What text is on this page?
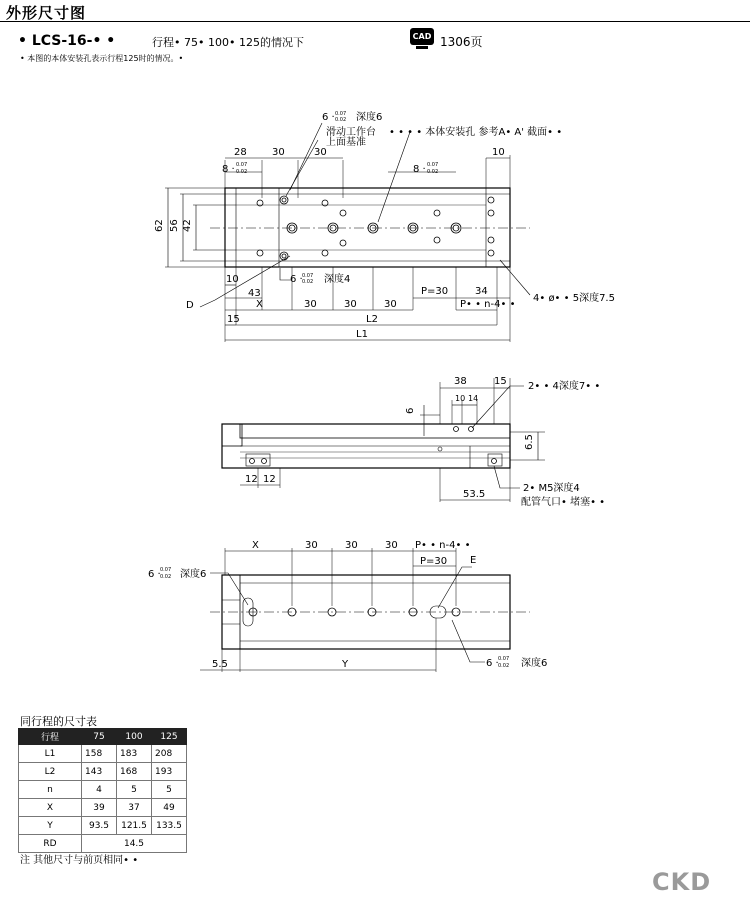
外形尺寸图
• LCS-16-• •	行程• 75• 100• 125的情况下	CAD 1306页
• 本图的本体安装孔表示行程125时的情况。•
28	30	30	10
8 · 0.07
0.02	8 · 0.07
0.02
6 · 0.07
0.02 深度6
滑动工作台
上面基准
• • • • 本体安装孔 参考A• A' 截面• •
62 56 42
10
43
6 · 0.07
0.02 深度4
X	30	30	30
P=30	34
P• • n-4• •
4• ø• • 5深度7.5
D
15	L2
L1
38	15
10 14
2• • 4深度7• •
6
6.5
12 12
53.5
2• M5深度4
配管气口• 堵塞• •
X	30	30	30 P• • n-4• •
P=30 E
6 · 0.07
0.02 深度6
6 · 0.07
0.02 深度6
5.5	Y
同行程的尺寸表
行程	75	100	125
L1	158	183	208
L2	143	168	193
n	4	5	5
X	39	37	49
Y	93.5	121.5	133.5
RD	14.5		
注 其他尺寸与前页相同• •
CKD
